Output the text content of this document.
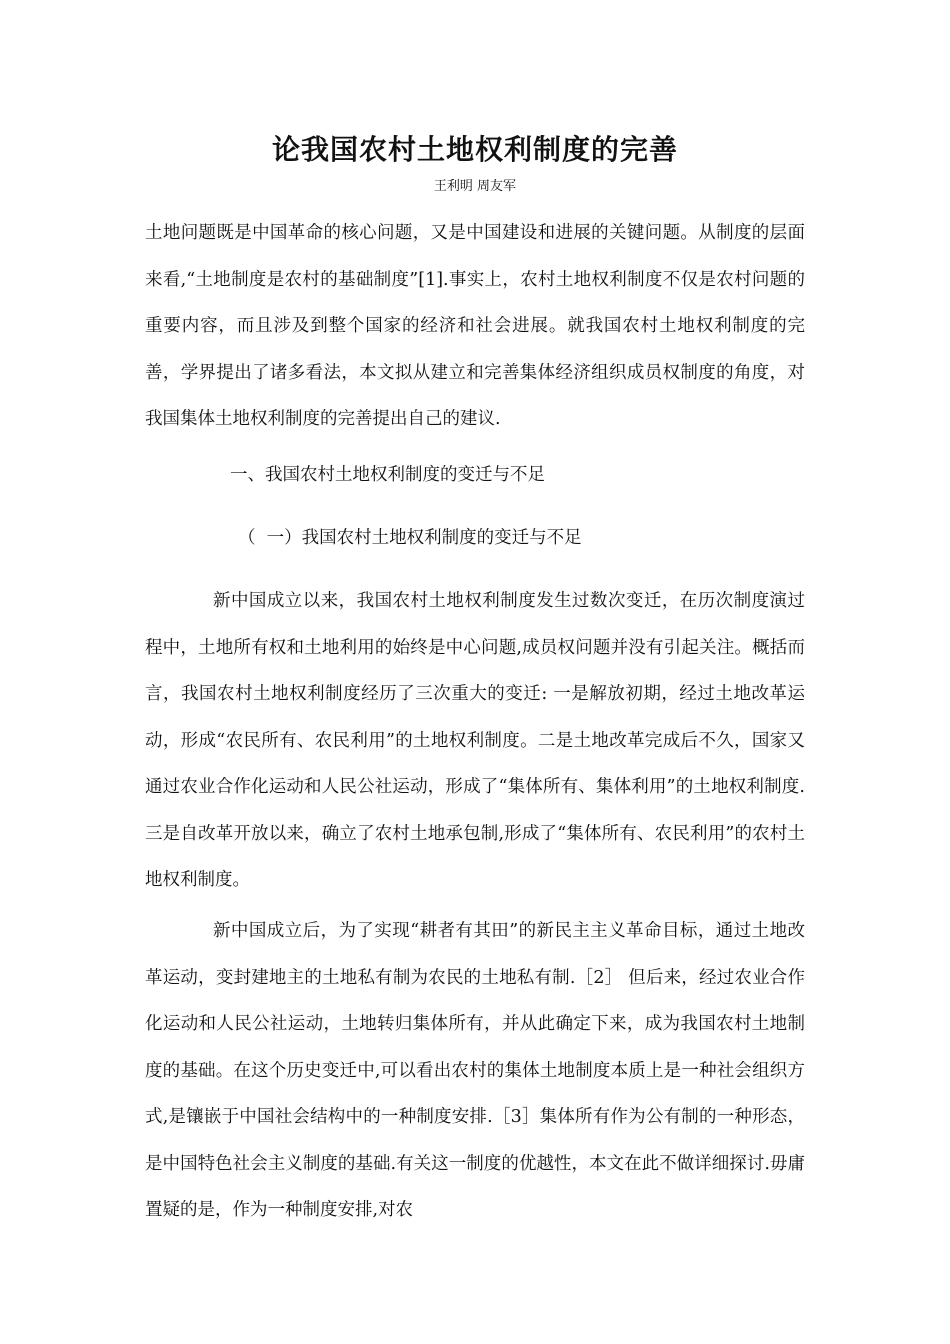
论我国农村土地权利制度的完善
王利明 周友军

土地问题既是中国革命的核心问题，又是中国建设和进展的关键问题。从制度的层面来看,“土地制度是农村的基础制度”[1].事实上，农村土地权利制度不仅是农村问题的重要内容，而且涉及到整个国家的经济和社会进展。就我国农村土地权利制度的完善，学界提出了诸多看法，本文拟从建立和完善集体经济组织成员权制度的角度，对我国集体土地权利制度的完善提出自己的建议.

一、我国农村土地权利制度的变迁与不足
（  一）我国农村土地权利制度的变迁与不足

新中国成立以来，我国农村土地权利制度发生过数次变迁，在历次制度演过程中，土地所有权和土地利用的始终是中心问题,成员权问题并没有引起关注。概括而言，我国农村土地权利制度经历了三次重大的变迁: 一是解放初期，经过土地改革运动，形成“农民所有、农民利用”的土地权利制度。二是土地改革完成后不久，国家又通过农业合作化运动和人民公社运动，形成了“集体所有、集体利用”的土地权利制度.三是自改革开放以来，确立了农村土地承包制,形成了“集体所有、农民利用”的农村土地权利制度。

新中国成立后，为了实现“耕者有其田”的新民主主义革命目标，通过土地改革运动，变封建地主的土地私有制为农民的土地私有制.［2］ 但后来，经过农业合作化运动和人民公社运动，土地转归集体所有，并从此确定下来，成为我国农村土地制度的基础。在这个历史变迁中,可以看出农村的集体土地制度本质上是一种社会组织方式,是镶嵌于中国社会结构中的一种制度安排.［3］集体所有作为公有制的一种形态，是中国特色社会主义制度的基础.有关这一制度的优越性，本文在此不做详细探讨.毋庸置疑的是，作为一种制度安排,对农
